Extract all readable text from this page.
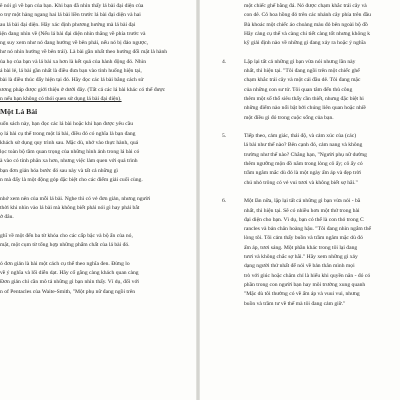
ẽ nói gì về bạn của bạn. Khi bạn đã nhìn thấy lá bài đại diện của
o trợ một hàng ngang hai lá bài liền trước lá bài đại diện và hai
au lá bài đại diện. Hãy xác định phương hướng mà lá bài đại
iện đang nhìn về (Nếu lá bài đại diện nhìn thẳng về phía trước và
ng suy xem như nó đang hướng về bên phải, nếu nó bị đảo ngược,
hư nó nhìn hướng về bên trái). Là bài gần nhất theo hướng đối mặt là hành
ủa họ của bạn và lá bài xa hơn là kết quả của hành động đó. Nhìn
á bài lẻ, lá bài gần nhất là điều đưa bạn vào tình huống hiện tại,
bài là điều thúc đẩy hiện tại đó. Hãy đọc các lá bài bằng cách sử
ương pháp được giới thiệu ở dưới đây. (Tất cả các lá bài khác có thể được
n nếu bạn không có thói quen sử dụng lá bài đại diện).
Một Lá Bài
uốn sách này, bạn đọc các lá bài hoặc khi bạn được yêu cầu
ọ lá bài cụ thể trong một lá bài, điều đó có nghĩa là bạn đang
khách sử dụng quy trình sau. Mặc dù, nhớ vào thực hành, quá
lọc toàn bộ tầm quan trọng của những hình ảnh trong lá bài có
à vào có tính phân xa hơn, nhưng việc làm quen với quá trình
bạn đơn giản hóa bước đó sau này và tất cả những gì
n mà đấy là một động góp đặc biệt cho các điểm giải cuối cùng.
nhớ xem nên của mỗi lá bài. Nghe thì có vẻ đơn giản, nhưng người
thời khi nhìn vào lá bài mà không biết phải nói gì hay phải bắt
ở đâu.
ghĩ về một đến ba từ khóa cho các cấp bậc và bộ ẩn của nó,
mặt, một cụm từ tổng hợp những phẩm chất của lá bài đó.
ó đơn giản là bài một cách cụ thể theo nghĩa đen. Đừng lo
về ý nghĩa và lối diễn dạt. Hãy cố gắng càng khách quan càng
Đơn giản chỉ cần mô tả những gì bạn nhìn thấy. Ví dụ, đối với
n of Pentacles của Waite-Smith, "Một phụ nữ đang ngồi trên
một chiếc ghế bằng đá. Nó được chạm khắc trái cây và
con dê. Cô hoa hồng đỏ trên các nhánh cây phía trên đầu
Bà khoác một chiếc áo choàng màu đỏ bên ngoài bộ đồ
Hãy càng cụ thể và càng chi tiết càng tốt nhưng không k
kỹ giải định nào về những gì đang xảy ra hoặc ý nghĩa
4.	Lặp lại tất cả những gì bạn vừa nói nhưng lần này
nhất, thì hiện tại. "Tôi đang ngồi trên một chiếc ghế
chạm khắc trái cây và một cái đầu dê. Tôi đang mặc
của những con sư tử. Tôi quan tâm đến thủ công
thêm một số thổ siêu thấy cần thiết, nhưng đặc biệt hi
những điểm nào nổi bật bởi chúng liên quan hoặc nhiề
một điều gì đó trong cuộc sống của bạn.
5.	Tiếp theo, cảm giác, thái độ, và cảm xúc của (các)
lá bài như thế nào? Bên cạnh đó, cảm nang và không
trường như thế nào? Chẳng hạn, "Người phụ nữ dường
thêm ngưỡng mộn đồ năm trong lòng cô ấy; cô ấy có
trầm ngâm mắc dù đó là một ngày ấm áp và đẹp trời
chú nhỏ trông có vẻ vui tươi và không biết sợ hãi."
6.	Một lần nữa, lặp lại tất cả những gì bạn vừa nói - bằ
nhất, thì hiện tại. Sẽ có nhiều hơn một thứ trong bài
đại diện cho bạn. Vì dụ, bạn có thể là con thỏ trong C
rancles và bản chân hoàng hậu. "Tôi đang nhìn ngắm thế
lòng tôi. Tôi cảm thấy buồn và trầm ngâm mặc dù đó
ấm áp, tươi sáng. Một phần khác trong tôi lại đang
tươi và không chắc sợ hãi." Hãy xem những gì xảy
dạng người thứ nhất để nói về bản thân mình mọi
trò với giúc hoặc châm chỉ là hiểu khi quyền năn - đó có
phần trong con người bạn hay môi trường xung quanh
"Mặc dù tôi thường có về ấm áp và vuui vui, nhưng
buồn và trầm tư về thế mà tôi đang cảm giữ."
